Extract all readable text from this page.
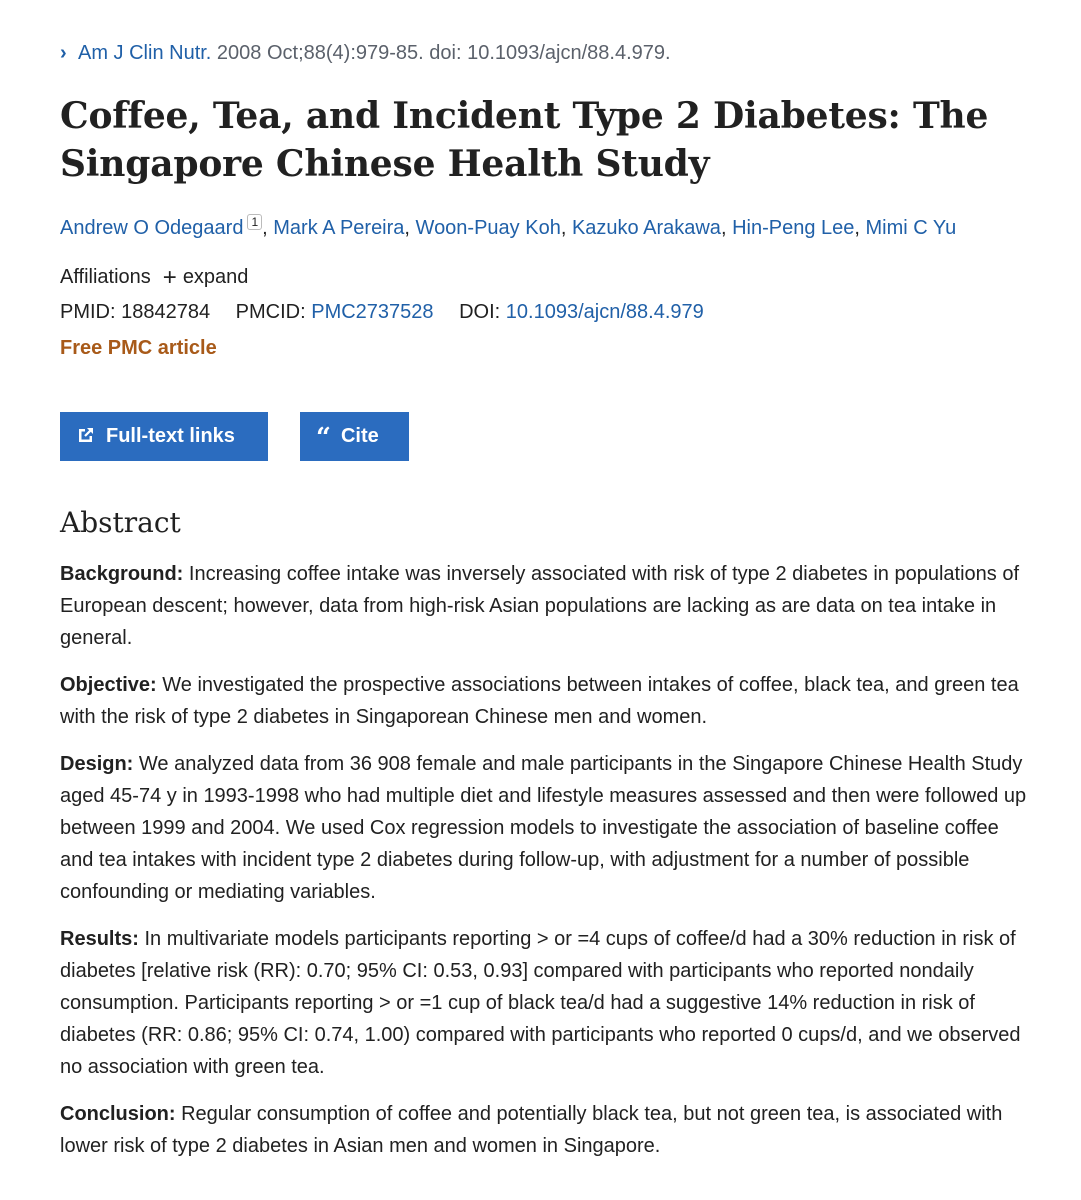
› Am J Clin Nutr. 2008 Oct;88(4):979-85. doi: 10.1093/ajcn/88.4.979.
Coffee, Tea, and Incident Type 2 Diabetes: The Singapore Chinese Health Study
Andrew O Odegaard $^1$ , Mark A Pereira, Woon-Puay Koh, Kazuko Arakawa, Hin-Peng Lee, Mimi C Yu
Affiliations + expand
PMID: 18842784 PMCID: PMC2737528 DOI: 10.1093/ajcn/88.4.979
Free PMC article
Full-text links	“ Cite
Abstract

Background: Increasing coffee intake was inversely associated with risk of type 2 diabetes in populations of European descent; however, data from high-risk Asian populations are lacking as are data on tea intake in general.

Objective: We investigated the prospective associations between intakes of coffee, black tea, and green tea with the risk of type 2 diabetes in Singaporean Chinese men and women.

Design: We analyzed data from 36 908 female and male participants in the Singapore Chinese Health Study aged 45-74 y in 1993-1998 who had multiple diet and lifestyle measures assessed and then were followed up between 1999 and 2004. We used Cox regression models to investigate the association of baseline coffee and tea intakes with incident type 2 diabetes during follow-up, with adjustment for a number of possible confounding or mediating variables.

Results: In multivariate models participants reporting > or =4 cups of coffee/d had a 30% reduction in risk of diabetes [relative risk (RR): 0.70; 95% CI: 0.53, 0.93] compared with participants who reported nondaily consumption. Participants reporting > or =1 cup of black tea/d had a suggestive 14% reduction in risk of diabetes (RR: 0.86; 95% CI: 0.74, 1.00) compared with participants who reported 0 cups/d, and we observed no association with green tea.

Conclusion: Regular consumption of coffee and potentially black tea, but not green tea, is associated with lower risk of type 2 diabetes in Asian men and women in Singapore.
